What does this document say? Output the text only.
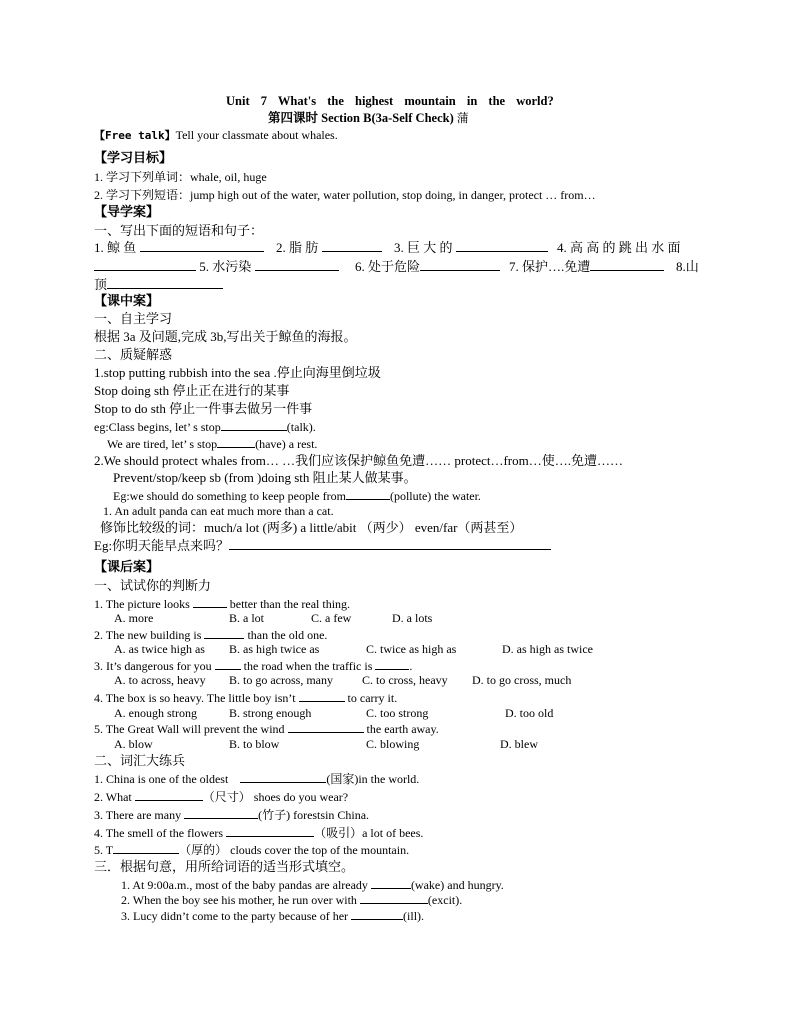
Unit 7 What's the highest mountain in the world?
第四课时 Section B(3a-Self Check) 蒲
【Free talk】Tell your classmate about whales.
【学习目标】
1. 学习下列单词：whale, oil, huge
2. 学习下列短语：jump high out of the water, water pollution, stop doing, in danger, protect … from…
【导学案】
一、写出下面的短语和句子：
1. 鲸 鱼	2. 脂 肪	3. 巨 大 的	4. 高 高 的 跳 出 水 面
5. 水污染	6. 处于危险	7. 保护….免遭	8.山
顶
【课中案】
一、自主学习
根据 3a 及问题,完成 3b,写出关于鲸鱼的海报。
二、质疑解惑
1.stop putting rubbish into the sea .停止向海里倒垃圾
Stop doing sth 停止正在进行的某事
Stop to do sth 停止一件事去做另一件事
eg:Class begins, let’ s stop	(talk).
We are tired, let’ s stop	(have) a rest.
2.We should protect whales from… …我们应该保护鲸鱼免遭…… protect…from…使….免遭……
Prevent/stop/keep sb (from )doing sth 阻止某人做某事。
Eg:we should do something to keep people from	(pollute) the water.
1. An adult panda can eat much more than a cat.
修饰比较级的词：much/a lot (两多) a little/abit （两少） even/far（两甚至）
Eg:你明天能早点来吗？
【课后案】
一、试试你的判断力
1. The picture looks	better than the real thing.
A. more	B. a lot	C. a few	D. a lots
2. The new building is	than the old one.
A. as twice high as B. as high twice as	C. twice as high as	D. as high as twice
3. It’s dangerous for you	the road when the traffic is	.
A. to across, heavy B. to go across, many C. to cross, heavy D. to go cross, much
4. The box is so heavy. The little boy isn’t	to carry it.
A. enough strong	B. strong enough	C. too strong	D. too old
5. The Great Wall will prevent the wind	the earth away.
A. blow	B. to blow	C. blowing	D. blew
二、词汇大练兵
1. China is one of the oldest	(国家)in the world.
2. What	（尺寸） shoes do you wear?
3. There are many	(竹子) forestsin China.
4. The smell of the flowers	（吸引）a lot of bees.
5. T	（厚的） clouds cover the top of the mountain.
三．根据句意，用所给词语的适当形式填空。
1. At 9:00a.m., most of the baby pandas are already	(wake) and hungry.
2. When the boy see his mother, he run over with	(excit).
3. Lucy didn’t come to the party because of her	(ill).
